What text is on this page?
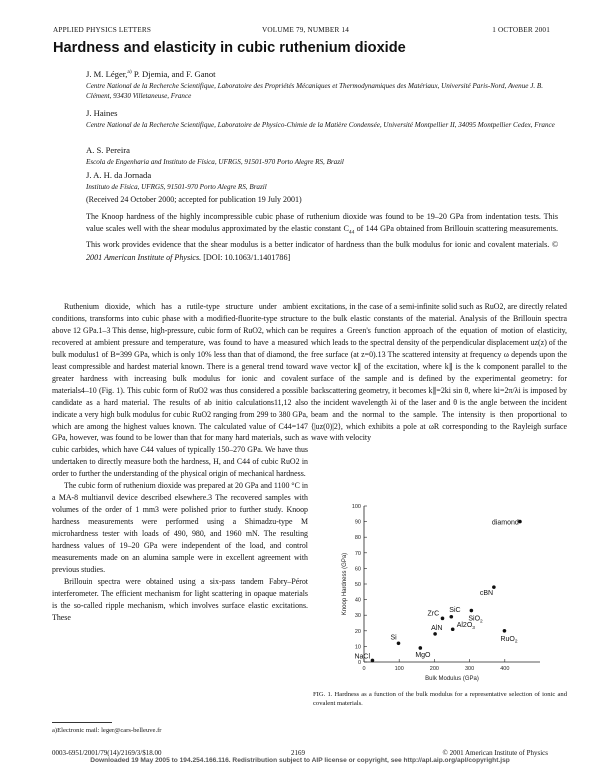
APPLIED PHYSICS LETTERS	VOLUME 79, NUMBER 14	1 OCTOBER 2001
Hardness and elasticity in cubic ruthenium dioxide
J. M. Léger,$^{a)}$ P. Djemia, and F. Ganot
Centre National de la Recherche Scientifique, Laboratoire des Propriétés Mécaniques et Thermodynamiques des Matériaux, Université Paris-Nord, Avenue J. B. Clément, 93430 Villetaneuse, France
J. Haines
Centre National de la Recherche Scientifique, Laboratoire de Physico-Chimie de la Matière Condensée, Université Montpellier II, 34095 Montpellier Cedex, France
A. S. Pereira
Escola de Engenharia and Instituto de Física, UFRGS, 91501-970 Porto Alegre RS, Brazil
J. A. H. da Jornada
Instituto de Física, UFRGS, 91501-970 Porto Alegre RS, Brazil
(Received 24 October 2000; accepted for publication 19 July 2001)
The Knoop hardness of the highly incompressible cubic phase of ruthenium dioxide was found to be 19–20 GPa from indentation tests. This value scales well with the shear modulus approximated by the elastic constant $C_{44}$ of 144 GPa obtained from Brillouin scattering measurements. This work provides evidence that the shear modulus is a better indicator of hardness than the bulk modulus for ionic and covalent materials. © 2001 American Institute of Physics. [DOI: 10.1063/1.1401786]

Ruthenium dioxide, which has a rutile-type structure under ambient conditions, transforms into cubic phase with a modified-fluorite-type structure above 12 GPa.1–3 This dense, high-pressure, cubic form of RuO2, which can be recovered at ambient pressure and temperature, was found to have a measured bulk modulus1 of B=399 GPa, which is only 10% less than that of diamond, the least compressible and hardest material known. There is a general trend toward greater hardness with increasing bulk modulus for ionic and covalent materials4–10 (Fig. 1). This cubic form of RuO2 was thus considered a possible candidate as a hard material. The results of ab initio calculations11,12 also indicate a very high bulk modulus for cubic RuO2 ranging from 299 to 380 GPa, which are among the highest values known. The calculated value of C44=147 GPa, however, was found to be lower than that for many hard materials, such as cubic carbides, which have C44 values of typically 150–270 GPa. We have thus undertaken to directly measure both the hardness, H, and C44 of cubic RuO2 in order to further the understanding of the physical origin of mechanical hardness.

The cubic form of ruthenium dioxide was prepared at 20 GPa and 1100 °C in a MA-8 multianvil device described elsewhere.3 The recovered samples with volumes of the order of 1 mm3 were polished prior to further study. Knoop hardness measurements were performed using a Shimadzu-type M microhardness tester with loads of 490, 980, and 1960 mN. The resulting hardness values of 19–20 GPa were independent of the load, and control measurements made on an alumina sample were in excellent agreement with previous studies.

Brillouin spectra were obtained using a six-pass tandem Fabry–Pérot interferometer. The efficient mechanism for light scattering in opaque materials is the so-called ripple mechanism, which involves surface elastic excitations. These

excitations, in the case of a semi-infinite solid such as RuO2, are directly related to the bulk elastic constants of the material. Analysis of the Brillouin spectra requires a Green's function approach of the equation of motion of elasticity, which leads to the spectral density of the perpendicular displacement uz(z) of the free surface (at z=0).13 The scattered intensity at frequency ω depends upon the wave vector k∥ of the excitation, where k∥ is the k component parallel to the surface of the sample and is defined by the experimental geometry: for backscattering geometry, it becomes k∥=2ki sin θ, where ki=2π/λi is imposed by the incident wavelength λi of the laser and θ is the angle between the incident beam and the normal to the sample. The intensity is then proportional to ⟨|uz(0)|2⟩, which exhibits a pole at ωR corresponding to the Rayleigh surface wave with velocity

0
10
20
30
40
50
60
70
80
90
100
0	100	200	300	400
Bulk Modulus (GPa)
Knoop Hardness (GPa)
NaCl
Si
MgO
AlN $Al2O_3$
ZrC
SiC
SiO$_2$
cBN
RuO$_2$
diamond
FIG. 1. Hardness as a function of the bulk modulus for a representative selection of ionic and covalent materials.
a)Electronic mail: leger@cars-belleuve.fr
0003-6951/2001/79(14)/2169/3/$18.00	2169	© 2001 American Institute of Physics
Downloaded 19 May 2005 to 194.254.166.116. Redistribution subject to AIP license or copyright, see http://apl.aip.org/apl/copyright.jsp
